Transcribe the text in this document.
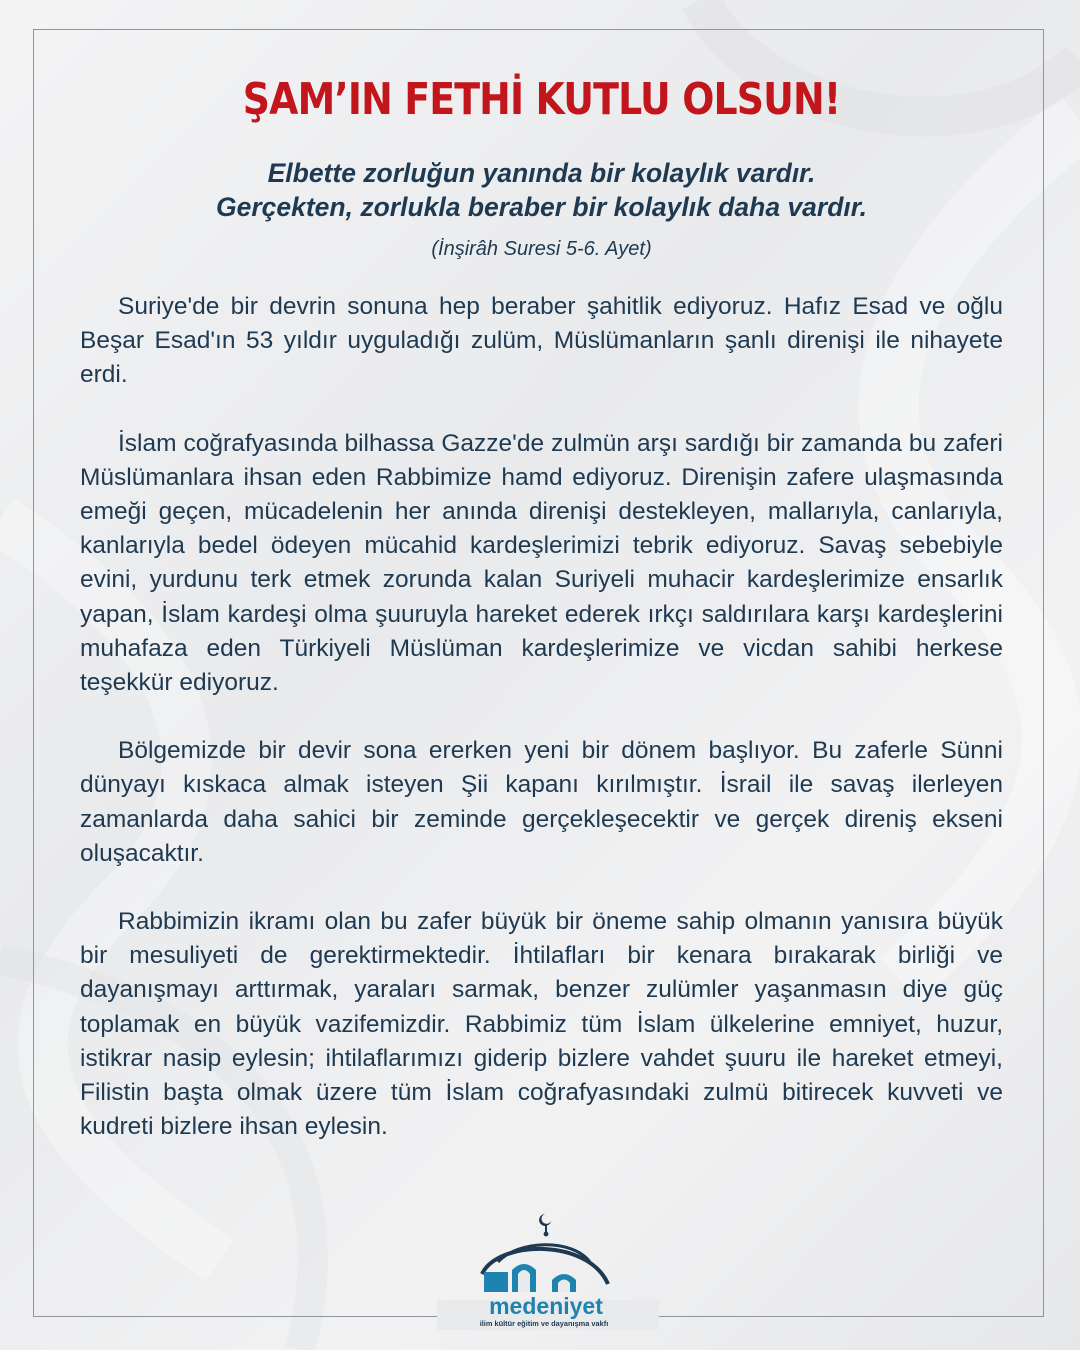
ŞAM’IN FETHİ KUTLU OLSUN!
Elbette zorluğun yanında bir kolaylık vardır.
Gerçekten, zorlukla beraber bir kolaylık daha vardır.
(İnşirâh Suresi 5-6. Ayet)

Suriye'de bir devrin sonuna hep beraber şahitlik ediyoruz. Hafız Esad ve oğlu Beşar Esad'ın 53 yıldır uyguladığı zulüm, Müslümanların şanlı direnişi ile nihayete erdi.

İslam coğrafyasında bilhassa Gazze'de zulmün arşı sardığı bir zamanda bu zaferi Müslümanlara ihsan eden Rabbimize hamd ediyoruz. Direnişin zafere ulaşmasında emeği geçen, mücadelenin her anında direnişi destekleyen, mallarıyla, canlarıyla, kanlarıyla bedel ödeyen mücahid kardeşlerimizi tebrik ediyoruz. Savaş sebebiyle evini, yurdunu terk etmek zorunda kalan Suriyeli muhacir kardeşlerimize ensarlık yapan, İslam kardeşi olma şuuruyla hareket ederek ırkçı saldırılara karşı kardeşlerini muhafaza eden Türkiyeli Müslüman kardeşlerimize ve vicdan sahibi herkese teşekkür ediyoruz.

Bölgemizde bir devir sona ererken yeni bir dönem başlıyor. Bu zaferle Sünni dünyayı kıskaca almak isteyen Şii kapanı kırılmıştır. İsrail ile savaş ilerleyen zamanlarda daha sahici bir zeminde gerçekleşecektir ve gerçek direniş ekseni oluşacaktır.

Rabbimizin ikramı olan bu zafer büyük bir öneme sahip olmanın yanısıra büyük bir mesuliyeti de gerektirmektedir. İhtilafları bir kenara bırakarak birliği ve dayanışmayı arttırmak, yaraları sarmak, benzer zulümler yaşanmasın diye güç toplamak en büyük vazifemizdir. Rabbimiz tüm İslam ülkelerine emniyet, huzur, istikrar nasip eylesin; ihtilaflarımızı giderip bizlere vahdet şuuru ile hareket etmeyi, Filistin başta olmak üzere tüm İslam coğrafyasındaki zulmü bitirecek kuvveti ve kudreti bizlere ihsan eylesin.

medeniyet
ilim kültür eğitim ve dayanışma vakfı
